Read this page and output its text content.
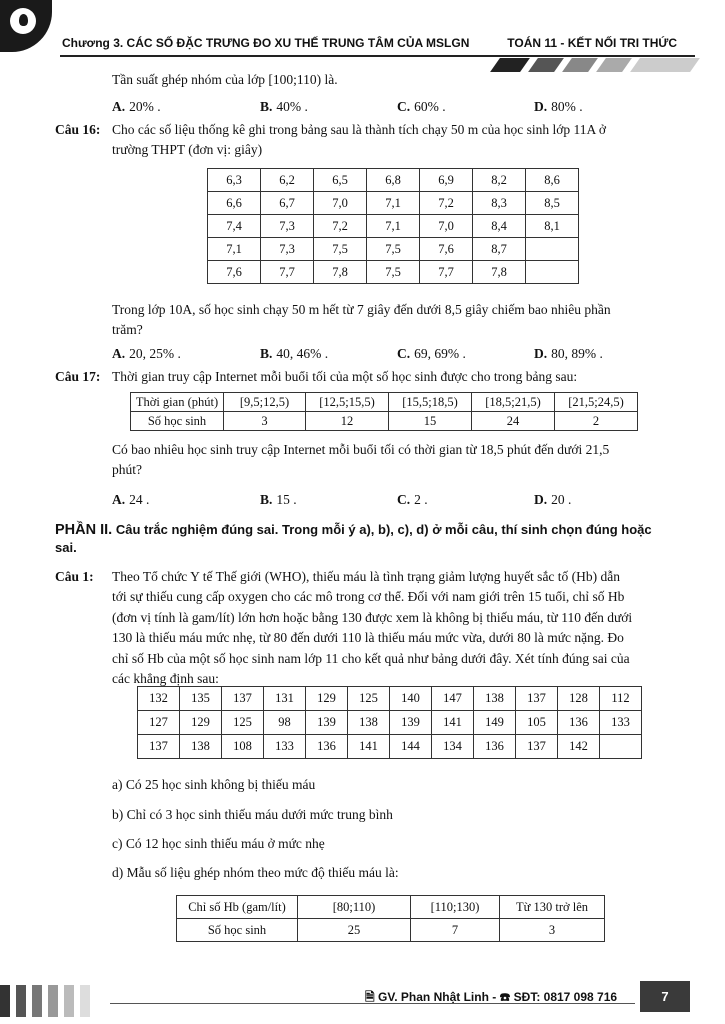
Chương 3. CÁC SỐ ĐẶC TRƯNG ĐO XU THẾ TRUNG TÂM CỦA MSLGN	TOÁN 11 - KẾT NỐI TRI THỨC
Tần suất ghép nhóm của lớp [100;110) là.
A. 20% .	B. 40% .	C. 60% .	D. 80% .
Câu 16: Cho các số liệu thống kê ghi trong bảng sau là thành tích chạy 50 m của học sinh lớp 11A ở
trường THPT (đơn vị: giây)
6,3	6,2	6,5	6,8	6,9	8,2	8,6
6,6	6,7	7,0	7,1	7,2	8,3	8,5
7,4	7,3	7,2	7,1	7,0	8,4	8,1
7,1	7,3	7,5	7,5	7,6	8,7	
7,6	7,7	7,8	7,5	7,7	7,8	
Trong lớp 10A, số học sinh chạy 50 m hết từ 7 giây đến dưới 8,5 giây chiếm bao nhiêu phần
trăm?
A. 20, 25% .	B. 40, 46% .	C. 69, 69% .	D. 80, 89% .
Câu 17: Thời gian truy cập Internet mỗi buổi tối của một số học sinh được cho trong bảng sau:
Thời gian (phút)	[9,5;12,5)	[12,5;15,5)	[15,5;18,5)	[18,5;21,5)	[21,5;24,5)
Số học sinh	3	12	15	24	2
Có bao nhiêu học sinh truy cập Internet mỗi buổi tối có thời gian từ 18,5 phút đến dưới 21,5
phút?
A. 24 .	B. 15 .	C. 2 .	D. 20 .
PHẦN II. Câu trắc nghiệm đúng sai. Trong mỗi ý a), b), c), d) ở mỗi câu, thí sinh chọn đúng hoặc sai.
Câu 1: Theo Tổ chức Y tế Thế giới (WHO), thiếu máu là tình trạng giảm lượng huyết sắc tố (Hb) dẫn
tới sự thiếu cung cấp oxygen cho các mô trong cơ thể. Đối với nam giới trên 15 tuổi, chỉ số Hb
(đơn vị tính là gam/lít) lớn hơn hoặc bằng 130 được xem là không bị thiếu máu, từ 110 đến dưới
130 là thiếu máu mức nhẹ, từ 80 đến dưới 110 là thiếu máu mức vừa, dưới 80 là mức nặng. Đo
chỉ số Hb của một số học sinh nam lớp 11 cho kết quả như bảng dưới đây. Xét tính đúng sai của
các khẳng định sau:
132	135	137	131	129	125	140	147	138	137	128	112
127	129	125	98	139	138	139	141	149	105	136	133
137	138	108	133	136	141	144	134	136	137	142	
a) Có 25 học sinh không bị thiếu máu
b) Chỉ có 3 học sinh thiếu máu dưới mức trung bình
c) Có 12 học sinh thiếu máu ở mức nhẹ
d) Mẫu số liệu ghép nhóm theo mức độ thiếu máu là:
Chỉ số Hb (gam/lít)	[80;110)	[110;130)	Từ 130 trở lên
Số học sinh	25	7	3
🗎 GV. Phan Nhật Linh - ☎ SĐT: 0817 098 716	7
